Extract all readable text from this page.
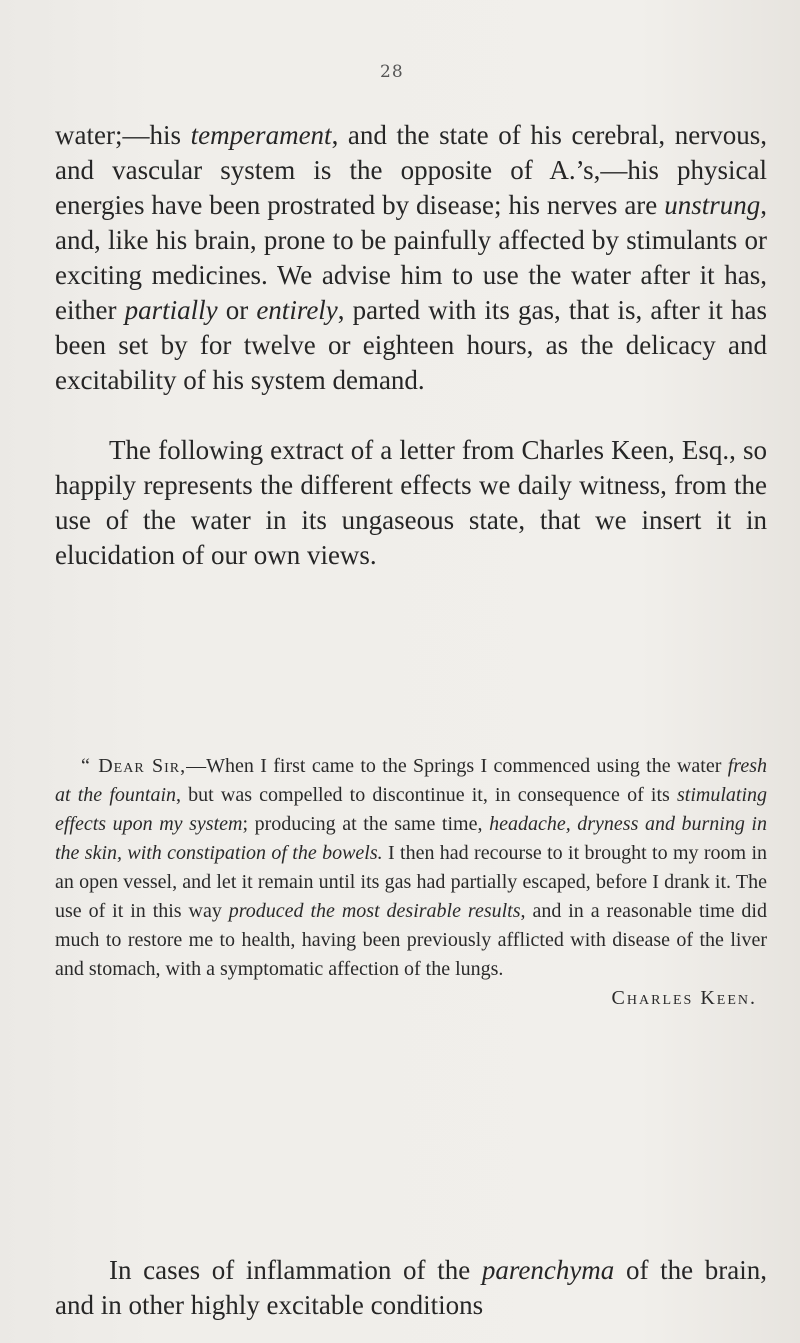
28

water;—his temperament, and the state of his cerebral, nervous, and vascular system is the opposite of A.’s,—his physical energies have been prostrated by disease; his nerves are unstrung, and, like his brain, prone to be painfully affected by stimulants or exciting medicines. We advise him to use the water after it has, either partially or entirely, parted with its gas, that is, after it has been set by for twelve or eighteen hours, as the delicacy and excitability of his system demand.

The following extract of a letter from Charles Keen, Esq., so happily represents the different effects we daily witness, from the use of the water in its ungaseous state, that we insert it in elucidation of our own views.

“ Dear Sir,—When I first came to the Springs I commenced using the water fresh at the fountain, but was compelled to discontinue it, in consequence of its stimulating effects upon my system; producing at the same time, headache, dryness and burning in the skin, with constipation of the bowels. I then had recourse to it brought to my room in an open vessel, and let it remain until its gas had partially escaped, before I drank it. The use of it in this way produced the most desirable results, and in a reasonable time did much to restore me to health, having been previously afflicted with disease of the liver and stomach, with a symptomatic affection of the lungs.

Charles Keen.

In cases of inflammation of the parenchyma of the brain, and in other highly excitable conditions
